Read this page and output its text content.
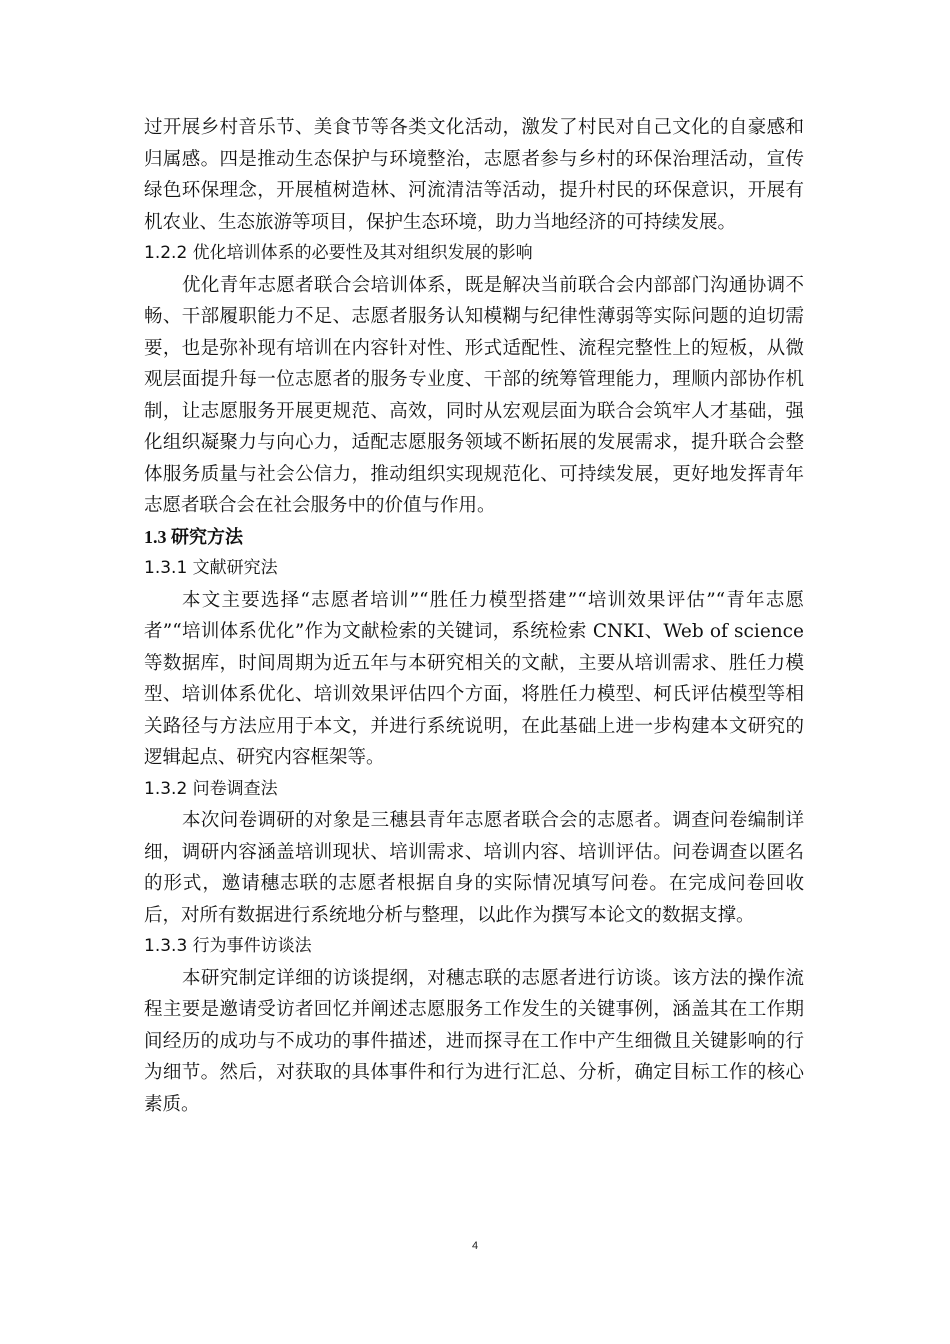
过开展乡村音乐节、美食节等各类文化活动，激发了村民对自己文化的自豪感和归属感。四是推动生态保护与环境整治，志愿者参与乡村的环保治理活动，宣传绿色环保理念，开展植树造林、河流清洁等活动，提升村民的环保意识，开展有机农业、生态旅游等项目，保护生态环境，助力当地经济的可持续发展。

1.2.2 优化培训体系的必要性及其对组织发展的影响

优化青年志愿者联合会培训体系，既是解决当前联合会内部部门沟通协调不畅、干部履职能力不足、志愿者服务认知模糊与纪律性薄弱等实际问题的迫切需要，也是弥补现有培训在内容针对性、形式适配性、流程完整性上的短板，从微观层面提升每一位志愿者的服务专业度、干部的统筹管理能力，理顺内部协作机制，让志愿服务开展更规范、高效，同时从宏观层面为联合会筑牢人才基础，强化组织凝聚力与向心力，适配志愿服务领域不断拓展的发展需求，提升联合会整体服务质量与社会公信力，推动组织实现规范化、可持续发展，更好地发挥青年志愿者联合会在社会服务中的价值与作用。

1.3 研究方法

1.3.1 文献研究法

本文主要选择“志愿者培训”“胜任力模型搭建”“培训效果评估”“青年志愿者”“培训体系优化”作为文献检索的关键词，系统检索 CNKI、Web of science 等数据库，时间周期为近五年与本研究相关的文献，主要从培训需求、胜任力模型、培训体系优化、培训效果评估四个方面，将胜任力模型、柯氏评估模型等相关路径与方法应用于本文，并进行系统说明，在此基础上进一步构建本文研究的逻辑起点、研究内容框架等。

1.3.2 问卷调查法

本次问卷调研的对象是三穗县青年志愿者联合会的志愿者。调查问卷编制详细，调研内容涵盖培训现状、培训需求、培训内容、培训评估。问卷调查以匿名的形式，邀请穗志联的志愿者根据自身的实际情况填写问卷。在完成问卷回收后，对所有数据进行系统地分析与整理，以此作为撰写本论文的数据支撑。

1.3.3 行为事件访谈法

本研究制定详细的访谈提纲，对穗志联的志愿者进行访谈。该方法的操作流程主要是邀请受访者回忆并阐述志愿服务工作发生的关键事例，涵盖其在工作期间经历的成功与不成功的事件描述，进而探寻在工作中产生细微且关键影响的行为细节。然后，对获取的具体事件和行为进行汇总、分析，确定目标工作的核心素质。

4
